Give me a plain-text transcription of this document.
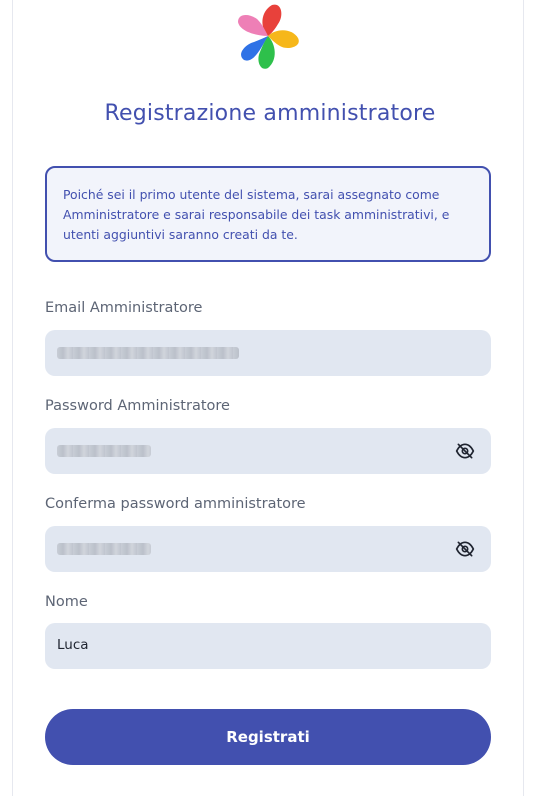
Registrazione amministratore
Poiché sei il primo utente del sistema, sarai assegnato come Amministratore e sarai responsabile dei task amministrativi, e utenti aggiuntivi saranno creati da te.
Email Amministratore
Password Amministratore
Conferma password amministratore
Nome
Luca
Registrati
